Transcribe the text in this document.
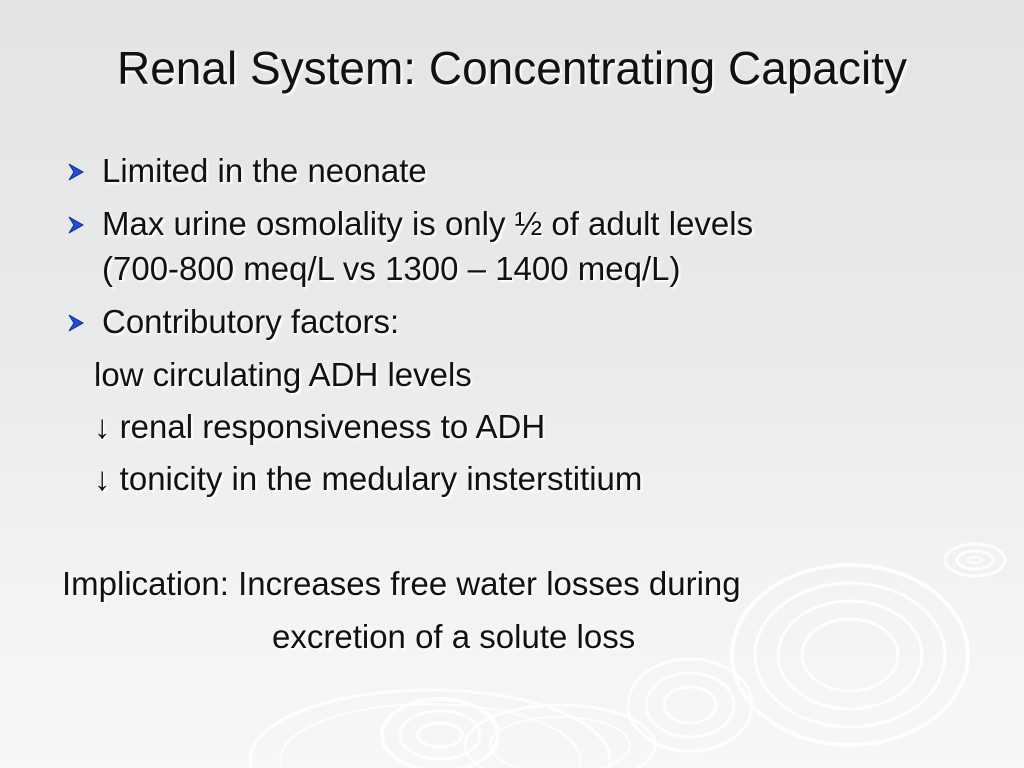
Renal System: Concentrating Capacity
Limited in the neonate
Max urine osmolality is only ½ of adult levels
(700-800 meq/L vs 1300 – 1400 meq/L)
Contributory factors:
low circulating ADH levels
↓ renal responsiveness to ADH
↓ tonicity in the medulary insterstitium
Implication: Increases free water losses during
excretion of a solute loss
